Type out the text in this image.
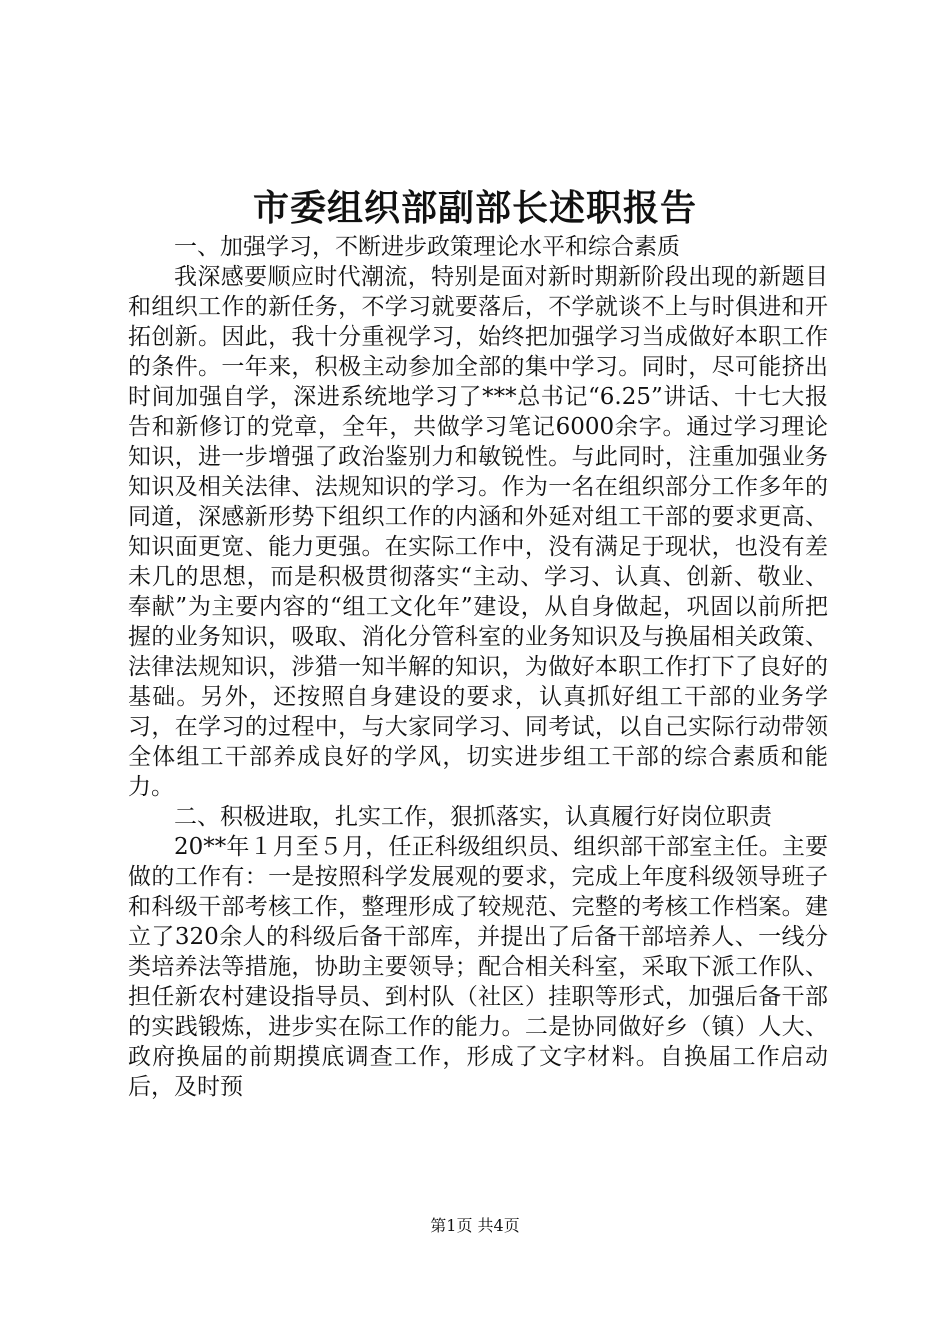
市委组织部副部长述职报告

一、加强学习，不断进步政策理论水平和综合素质

我深感要顺应时代潮流，特别是面对新时期新阶段出现的新题目和组织工作的新任务，不学习就要落后，不学就谈不上与时俱进和开拓创新。因此，我十分重视学习，始终把加强学习当成做好本职工作的条件。一年来，积极主动参加全部的集中学习。同时，尽可能挤出时间加强自学，深进系统地学习了***总书记“6.25”讲话、十七大报告和新修订的党章，全年，共做学习笔记6000余字。通过学习理论知识，进一步增强了政治鉴别力和敏锐性。与此同时，注重加强业务知识及相关法律、法规知识的学习。作为一名在组织部分工作多年的同道，深感新形势下组织工作的内涵和外延对组工干部的要求更高、知识面更宽、能力更强。在实际工作中，没有满足于现状，也没有差未几的思想，而是积极贯彻落实“主动、学习、认真、创新、敬业、奉献”为主要内容的“组工文化年”建设，从自身做起，巩固以前所把握的业务知识，吸取、消化分管科室的业务知识及与换届相关政策、法律法规知识，涉猎一知半解的知识，为做好本职工作打下了良好的基础。另外，还按照自身建设的要求，认真抓好组工干部的业务学习，在学习的过程中，与大家同学习、同考试，以自己实际行动带领全体组工干部养成良好的学风，切实进步组工干部的综合素质和能力。

二、积极进取，扎实工作，狠抓落实，认真履行好岗位职责

20**年１月至５月，任正科级组织员、组织部干部室主任。主要做的工作有：一是按照科学发展观的要求，完成上年度科级领导班子和科级干部考核工作，整理形成了较规范、完整的考核工作档案。建立了320余人的科级后备干部库，并提出了后备干部培养人、一线分类培养法等措施，协助主要领导；配合相关科室，采取下派工作队、担任新农村建设指导员、到村队（社区）挂职等形式，加强后备干部的实践锻炼，进步实在际工作的能力。二是协同做好乡（镇）人大、政府换届的前期摸底调查工作，形成了文字材料。自换届工作启动后，及时预

第1页 共4页
